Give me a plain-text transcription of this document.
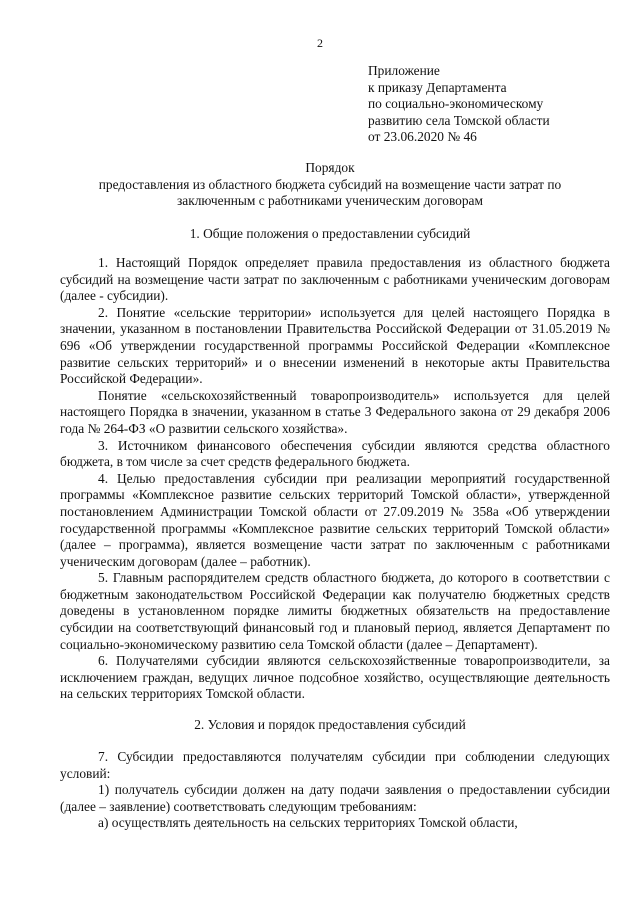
2
Приложение
к приказу Департамента
по социально-экономическому
развитию села Томской области
от 23.06.2020 № 46
Порядок
предоставления из областного бюджета субсидий на возмещение части затрат по
заключенным с работниками ученическим договорам
1. Общие положения о предоставлении субсидий

1. Настоящий Порядок определяет правила предоставления из областного бюджета субсидий на возмещение части затрат по заключенным с работниками ученическим договорам (далее - субсидии).

2. Понятие «сельские территории» используется для целей настоящего Порядка в значении, указанном в постановлении Правительства Российской Федерации от 31.05.2019 № 696 «Об утверждении государственной программы Российской Федерации «Комплексное развитие сельских территорий» и о внесении изменений в некоторые акты Правительства Российской Федерации».

Понятие «сельскохозяйственный товаропроизводитель» используется для целей настоящего Порядка в значении, указанном в статье 3 Федерального закона от 29 декабря 2006 года № 264-ФЗ «О развитии сельского хозяйства».

3. Источником финансового обеспечения субсидии являются средства областного бюджета, в том числе за счет средств федерального бюджета.

4. Целью предоставления субсидии при реализации мероприятий государственной программы «Комплексное развитие сельских территорий Томской области», утвержденной постановлением Администрации Томской области от 27.09.2019 № 358а «Об утверждении государственной программы «Комплексное развитие сельских территорий Томской области» (далее – программа), является возмещение части затрат по заключенным с работниками ученическим договорам (далее – работник).

5. Главным распорядителем средств областного бюджета, до которого в соответствии с бюджетным законодательством Российской Федерации как получателю бюджетных средств доведены в установленном порядке лимиты бюджетных обязательств на предоставление субсидии на соответствующий финансовый год и плановый период, является Департамент по социально-экономическому развитию села Томской области (далее – Департамент).

6. Получателями субсидии являются сельскохозяйственные товаропроизводители, за исключением граждан, ведущих личное подсобное хозяйство, осуществляющие деятельность на сельских территориях Томской области.

2. Условия и порядок предоставления субсидий

7. Субсидии предоставляются получателям субсидии при соблюдении следующих условий:

1) получатель субсидии должен на дату подачи заявления о предоставлении субсидии (далее – заявление) соответствовать следующим требованиям:

а) осуществлять деятельность на сельских территориях Томской области,
